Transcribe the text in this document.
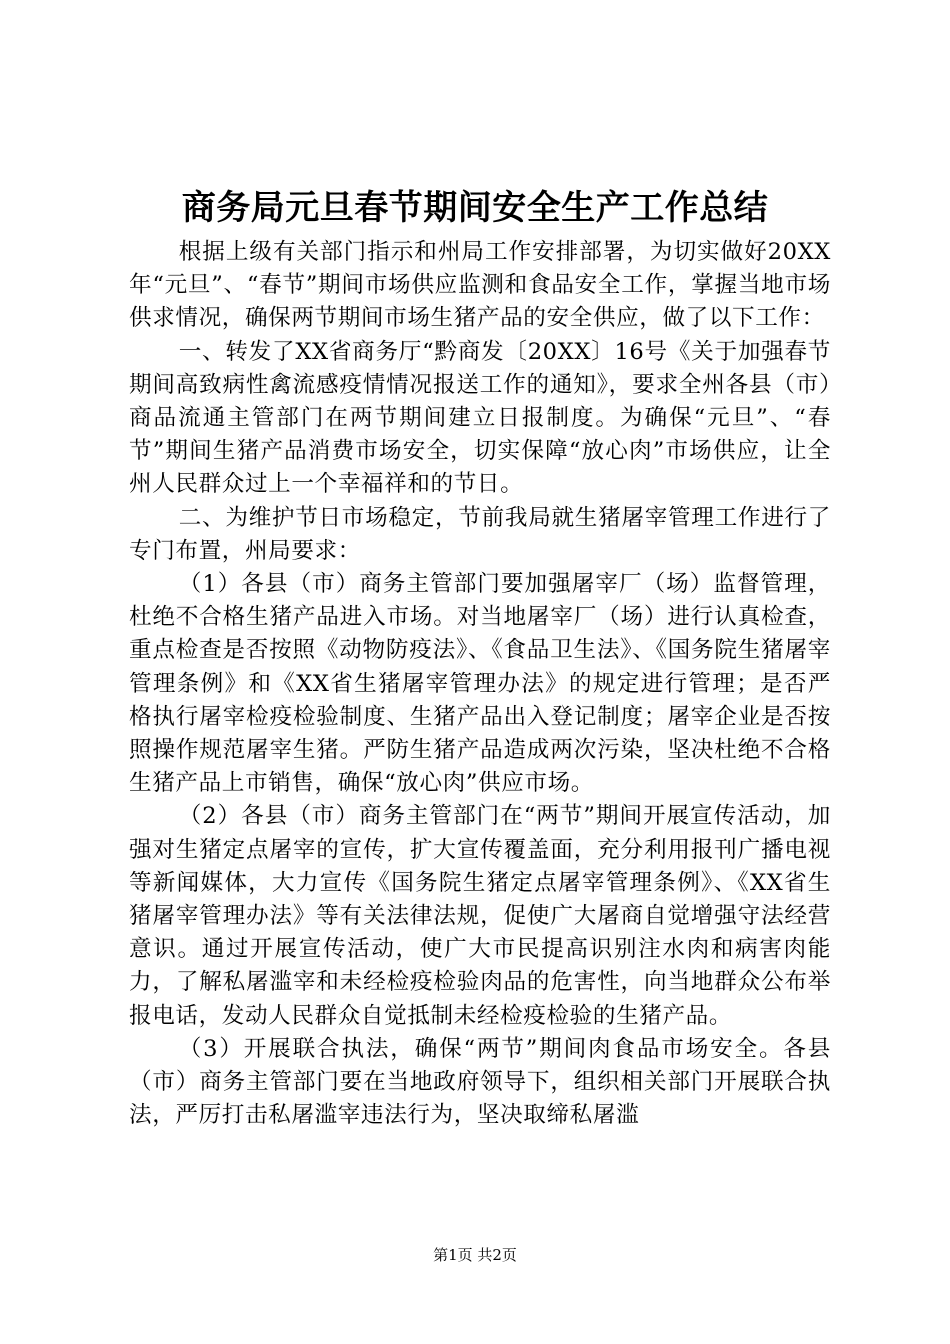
商务局元旦春节期间安全生产工作总结

根据上级有关部门指示和州局工作安排部署，为切实做好20XX年“元旦”、“春节”期间市场供应监测和食品安全工作，掌握当地市场供求情况，确保两节期间市场生猪产品的安全供应，做了以下工作：

一、转发了XX省商务厅“黔商发〔20XX〕16号《关于加强春节期间高致病性禽流感疫情情况报送工作的通知》，要求全州各县（市）商品流通主管部门在两节期间建立日报制度。为确保“元旦”、“春节”期间生猪产品消费市场安全，切实保障“放心肉”市场供应，让全州人民群众过上一个幸福祥和的节日。

二、为维护节日市场稳定，节前我局就生猪屠宰管理工作进行了专门布置，州局要求：

（1）各县（市）商务主管部门要加强屠宰厂（场）监督管理，杜绝不合格生猪产品进入市场。对当地屠宰厂（场）进行认真检查，重点检查是否按照《动物防疫法》、《食品卫生法》、《国务院生猪屠宰管理条例》和《XX省生猪屠宰管理办法》的规定进行管理；是否严格执行屠宰检疫检验制度、生猪产品出入登记制度；屠宰企业是否按照操作规范屠宰生猪。严防生猪产品造成两次污染，坚决杜绝不合格生猪产品上市销售，确保“放心肉”供应市场。

（2）各县（市）商务主管部门在“两节”期间开展宣传活动，加强对生猪定点屠宰的宣传，扩大宣传覆盖面，充分利用报刊广播电视等新闻媒体，大力宣传《国务院生猪定点屠宰管理条例》、《XX省生猪屠宰管理办法》等有关法律法规，促使广大屠商自觉增强守法经营意识。通过开展宣传活动，使广大市民提高识别注水肉和病害肉能力，了解私屠滥宰和未经检疫检验肉品的危害性，向当地群众公布举报电话，发动人民群众自觉抵制未经检疫检验的生猪产品。

（3）开展联合执法，确保“两节”期间肉食品市场安全。各县（市）商务主管部门要在当地政府领导下，组织相关部门开展联合执法，严厉打击私屠滥宰违法行为，坚决取缔私屠滥

第1页 共2页
